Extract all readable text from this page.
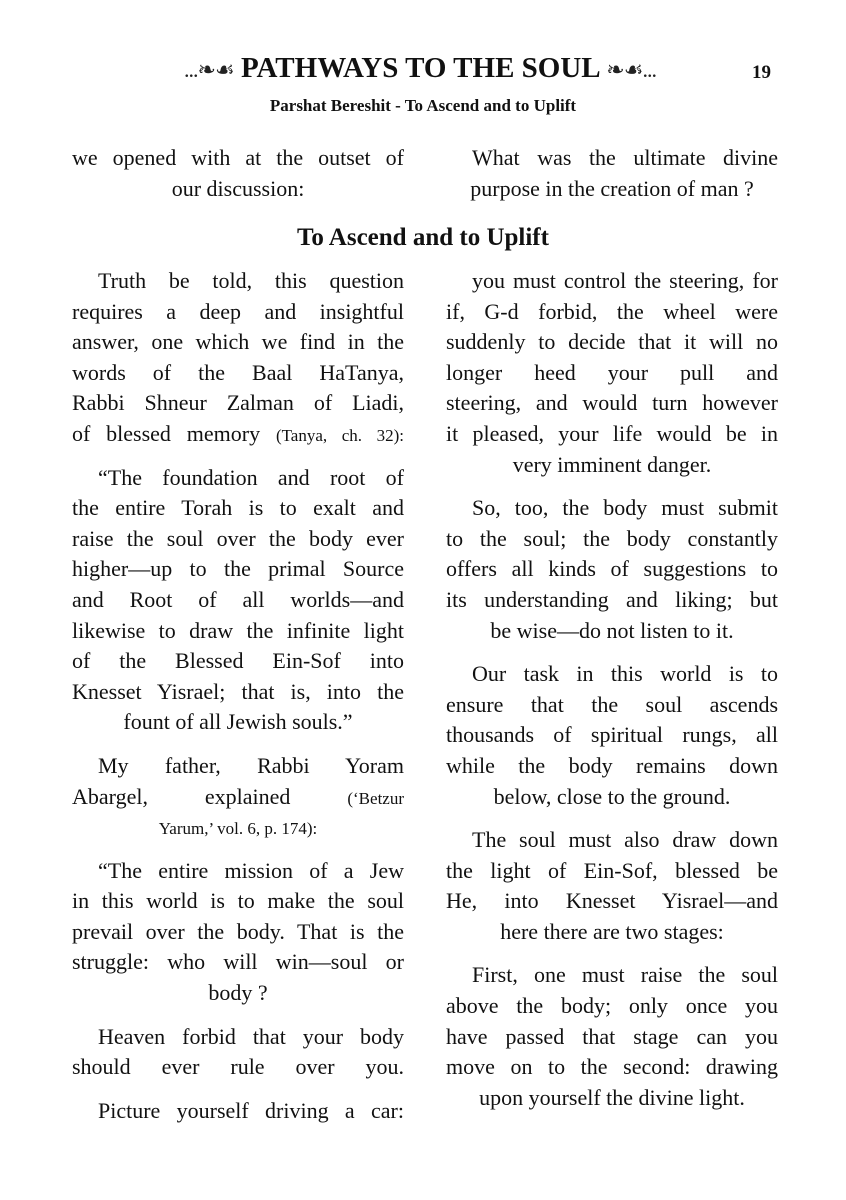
...❧☙ PATHWAYS TO THE SOUL ❧☙...	19
Parshat Bereshit - To Ascend and to Uplift
we opened with at the outset of
our discussion:
What was the ultimate divine
purpose in the creation of man ?
To Ascend and to Uplift
Truth be told, this question
requires a deep and insightful
answer, one which we find in the
words of the Baal HaTanya,
Rabbi Shneur Zalman of Liadi,
of blessed memory (Tanya, ch. 32):
“The foundation and root of
the entire Torah is to exalt and
raise the soul over the body ever
higher—up to the primal Source
and Root of all worlds—and
likewise to draw the infinite light
of the Blessed Ein-Sof into
Knesset Yisrael; that is, into the
fount of all Jewish souls.”
My father, Rabbi Yoram
Abargel, explained (‘Betzur
Yarum,’ vol. 6, p. 174):
“The entire mission of a Jew
in this world is to make the soul
prevail over the body. That is the
struggle: who will win—soul or
body ?
Heaven forbid that your body
should ever rule over you.
Picture yourself driving a car:
you must control the steering, for
if, G-d forbid, the wheel were
suddenly to decide that it will no
longer heed your pull and
steering, and would turn however
it pleased, your life would be in
very imminent danger.
So, too, the body must submit
to the soul; the body constantly
offers all kinds of suggestions to
its understanding and liking; but
be wise—do not listen to it.
Our task in this world is to
ensure that the soul ascends
thousands of spiritual rungs, all
while the body remains down
below, close to the ground.
The soul must also draw down
the light of Ein-Sof, blessed be
He, into Knesset Yisrael—and
here there are two stages:
First, one must raise the soul
above the body; only once you
have passed that stage can you
move on to the second: drawing
upon yourself the divine light.
